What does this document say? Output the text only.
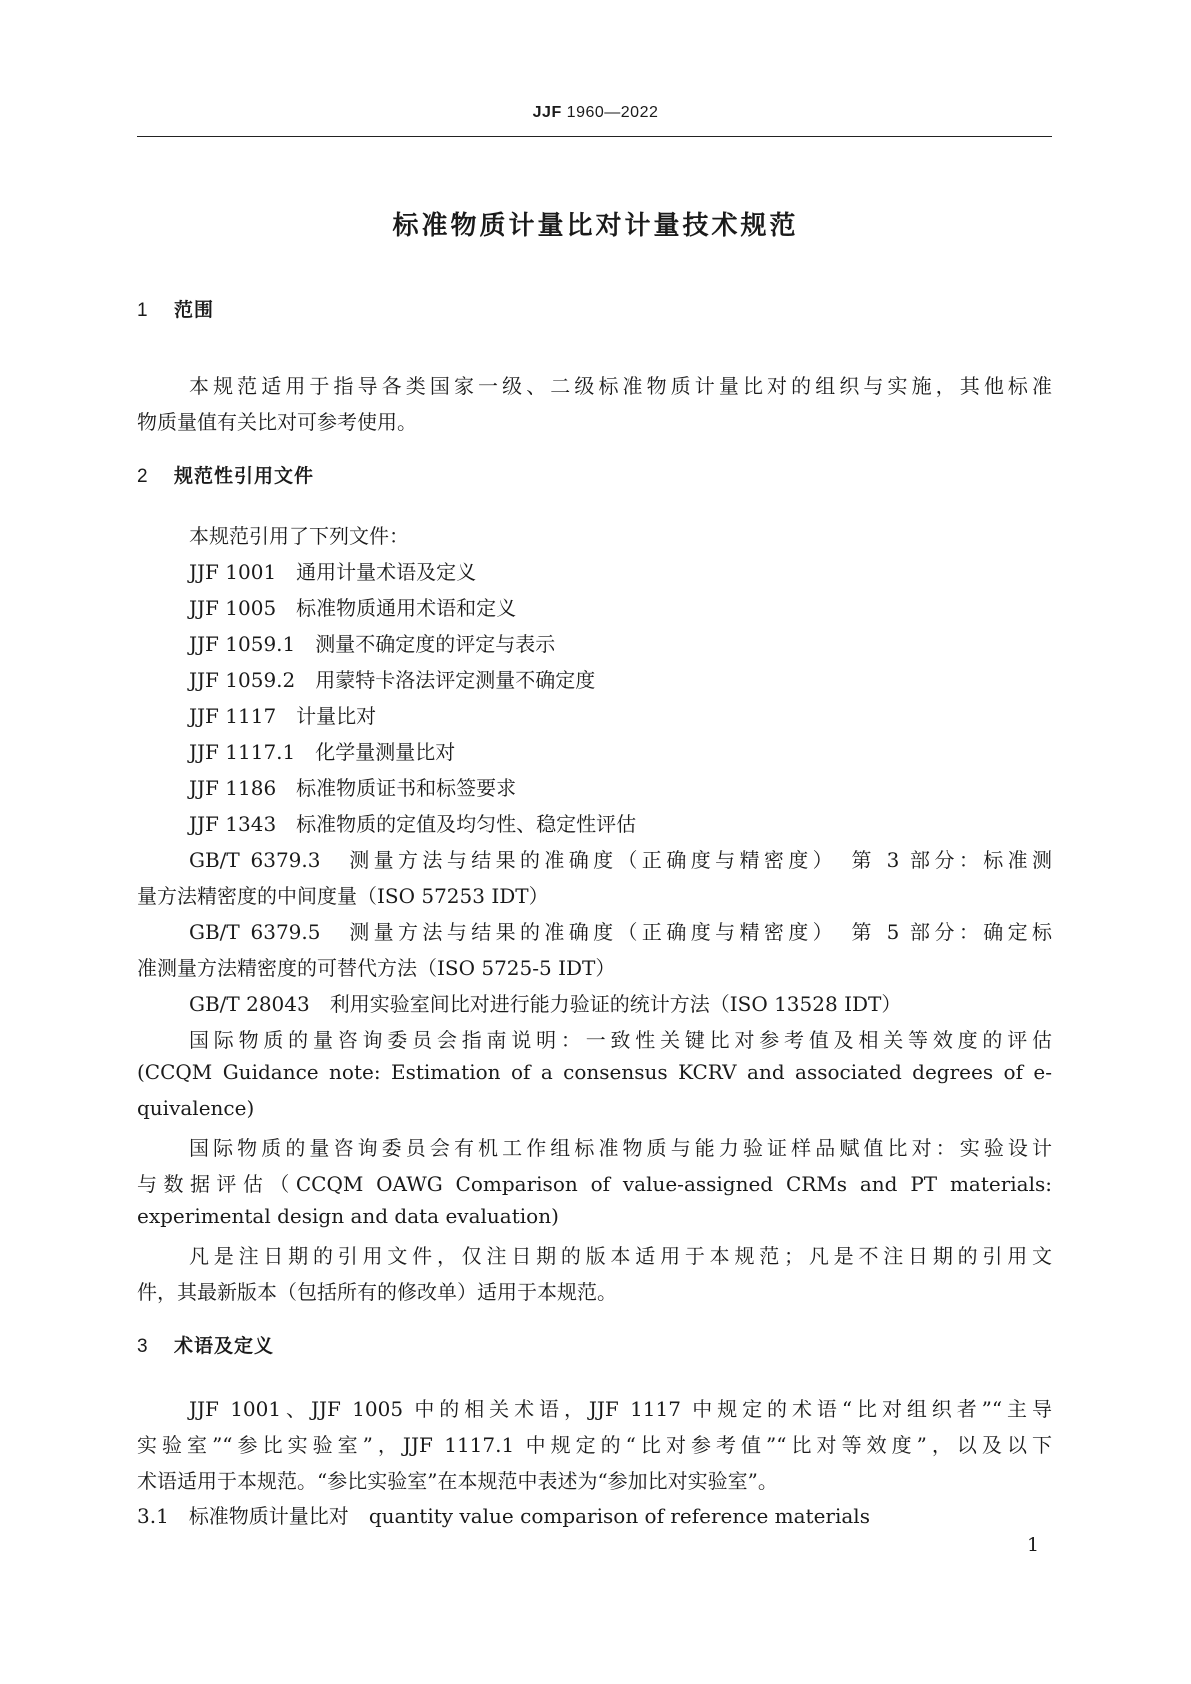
JJF 1960—2022
标准物质计量比对计量技术规范
1 范围
本规范适用于指导各类国家一级、二级标准物质计量比对的组织与实施，其他标准
物质量值有关比对可参考使用。
2 规范性引用文件
本规范引用了下列文件：
JJF 1001　 通用计量术语及定义
JJF 1005　 标准物质通用术语和定义
JJF 1059.1　 测量不确定度的评定与表示
JJF 1059.2　 用蒙特卡洛法评定测量不确定度
JJF 1117　 计量比对
JJF 1117.1　 化学量测量比对
JJF 1186　 标准物质证书和标签要求
JJF 1343　 标准物质的定值及均匀性、稳定性评估
GB/T 6379.3　测量方法与结果的准确度（正确度与精密度）　第 3 部分：标准测
量方法精密度的中间度量（ISO 57253 IDT）
GB/T 6379.5　测量方法与结果的准确度（正确度与精密度）　第 5 部分：确定标
准测量方法精密度的可替代方法（ISO 5725-5 IDT）
GB/T 28043　利用实验室间比对进行能力验证的统计方法（ISO 13528 IDT）
国际物质的量咨询委员会指南说明：一致性关键比对参考值及相关等效度的评估
(CCQM Guidance note: Estimation of a consensus KCRV and associated degrees of e-
quivalence)
国际物质的量咨询委员会有机工作组标准物质与能力验证样品赋值比对：实验设计
与数据评估（CCQM OAWG Comparison of value-assigned CRMs and PT materials:
experimental design and data evaluation)
凡是注日期的引用文件，仅注日期的版本适用于本规范；凡是不注日期的引用文
件，其最新版本（包括所有的修改单）适用于本规范。
3 术语及定义
JJF 1001、JJF 1005 中的相关术语，JJF 1117 中规定的术语“比对组织者”“主导
实验室”“参比实验室”，JJF 1117.1 中规定的“比对参考值”“比对等效度”，以及以下
术语适用于本规范。“参比实验室”在本规范中表述为“参加比对实验室”。
3.1　 标准物质计量比对　 quantity value comparison of reference materials
1
